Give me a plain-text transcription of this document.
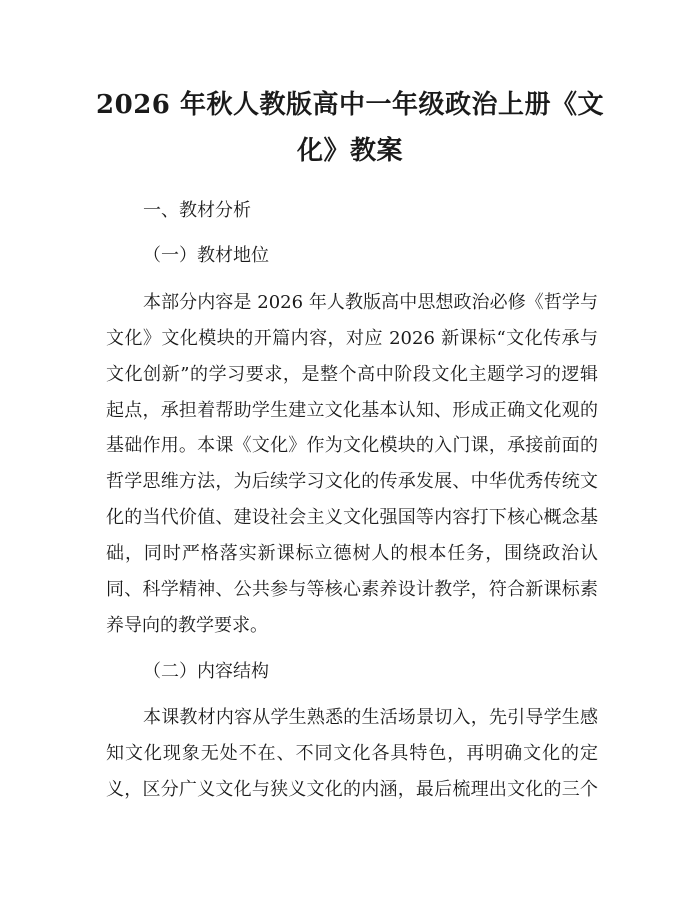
2026 年秋人教版高中一年级政治上册《文
化》教案
一、教材分析
（一）教材地位
本部分内容是 2026 年人教版高中思想政治必修《哲学与
文化》文化模块的开篇内容，对应 2026 新课标“文化传承与
文化创新”的学习要求，是整个高中阶段文化主题学习的逻辑
起点，承担着帮助学生建立文化基本认知、形成正确文化观的
基础作用。本课《文化》作为文化模块的入门课，承接前面的
哲学思维方法，为后续学习文化的传承发展、中华优秀传统文
化的当代价值、建设社会主义文化强国等内容打下核心概念基
础，同时严格落实新课标立德树人的根本任务，围绕政治认
同、科学精神、公共参与等核心素养设计教学，符合新课标素
养导向的教学要求。
（二）内容结构
本课教材内容从学生熟悉的生活场景切入，先引导学生感
知文化现象无处不在、不同文化各具特色，再明确文化的定
义，区分广义文化与狭义文化的内涵，最后梳理出文化的三个
